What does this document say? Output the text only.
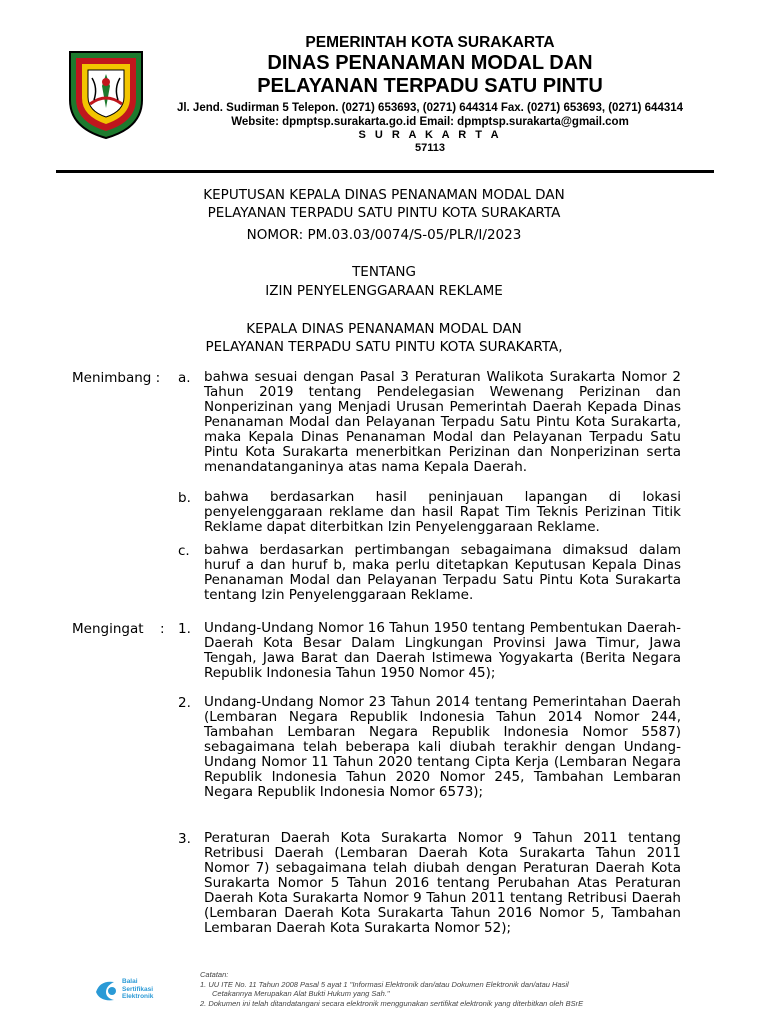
PEMERINTAH KOTA SURAKARTA
DINAS PENANAMAN MODAL DAN
PELAYANAN TERPADU SATU PINTU
Jl. Jend. Sudirman 5 Telepon. (0271) 653693, (0271) 644314 Fax. (0271) 653693, (0271) 644314
Website: dpmptsp.surakarta.go.id Email: dpmptsp.surakarta@gmail.com
S U R A K A R T A
57113
KEPUTUSAN KEPALA DINAS PENANAMAN MODAL DAN
PELAYANAN TERPADU SATU PINTU KOTA SURAKARTA
NOMOR: PM.03.03/0074/S-05/PLR/I/2023
TENTANG
IZIN PENYELENGGARAAN REKLAME
KEPALA DINAS PENANAMAN MODAL DAN
PELAYANAN TERPADU SATU PINTU KOTA SURAKARTA,
Menimbang : a. bahwa sesuai dengan Pasal 3 Peraturan Walikota Surakarta Nomor 2 Tahun 2019 tentang Pendelegasian Wewenang Perizinan dan Nonperizinan yang Menjadi Urusan Pemerintah Daerah Kepada Dinas Penanaman Modal dan Pelayanan Terpadu Satu Pintu Kota Surakarta, maka Kepala Dinas Penanaman Modal dan Pelayanan Terpadu Satu Pintu Kota Surakarta menerbitkan Perizinan dan Nonperizinan serta menandatanganinya atas nama Kepala Daerah.
b. bahwa berdasarkan hasil peninjauan lapangan di lokasi penyelenggaraan reklame dan hasil Rapat Tim Teknis Perizinan Titik Reklame dapat diterbitkan Izin Penyelenggaraan Reklame.
c. bahwa berdasarkan pertimbangan sebagaimana dimaksud dalam huruf a dan huruf b, maka perlu ditetapkan Keputusan Kepala Dinas Penanaman Modal dan Pelayanan Terpadu Satu Pintu Kota Surakarta tentang Izin Penyelenggaraan Reklame.
Mengingat : 1. Undang-Undang Nomor 16 Tahun 1950 tentang Pembentukan Daerah-Daerah Kota Besar Dalam Lingkungan Provinsi Jawa Timur, Jawa Tengah, Jawa Barat dan Daerah Istimewa Yogyakarta (Berita Negara Republik Indonesia Tahun 1950 Nomor 45);
2. Undang-Undang Nomor 23 Tahun 2014 tentang Pemerintahan Daerah (Lembaran Negara Republik Indonesia Tahun 2014 Nomor 244, Tambahan Lembaran Negara Republik Indonesia Nomor 5587) sebagaimana telah beberapa kali diubah terakhir dengan Undang-Undang Nomor 11 Tahun 2020 tentang Cipta Kerja (Lembaran Negara Republik Indonesia Tahun 2020 Nomor 245, Tambahan Lembaran Negara Republik Indonesia Nomor 6573);
3. Peraturan Daerah Kota Surakarta Nomor 9 Tahun 2011 tentang Retribusi Daerah (Lembaran Daerah Kota Surakarta Tahun 2011 Nomor 7) sebagaimana telah diubah dengan Peraturan Daerah Kota Surakarta Nomor 5 Tahun 2016 tentang Perubahan Atas Peraturan Daerah Kota Surakarta Nomor 9 Tahun 2011 tentang Retribusi Daerah (Lembaran Daerah Kota Surakarta Tahun 2016 Nomor 5, Tambahan Lembaran Daerah Kota Surakarta Nomor 52);
Balai
Sertifikasi
Elektronik

Catatan:

1. UU ITE No. 11 Tahun 2008 Pasal 5 ayat 1 "Informasi Elektronik dan/atau Dokumen Elektronik dan/atau Hasil

Cetakannya Merupakan Alat Bukti Hukum yang Sah."

2. Dokumen ini telah ditandatangani secara elektronik menggunakan sertifikat elektronik yang diterbitkan oleh BSrE
